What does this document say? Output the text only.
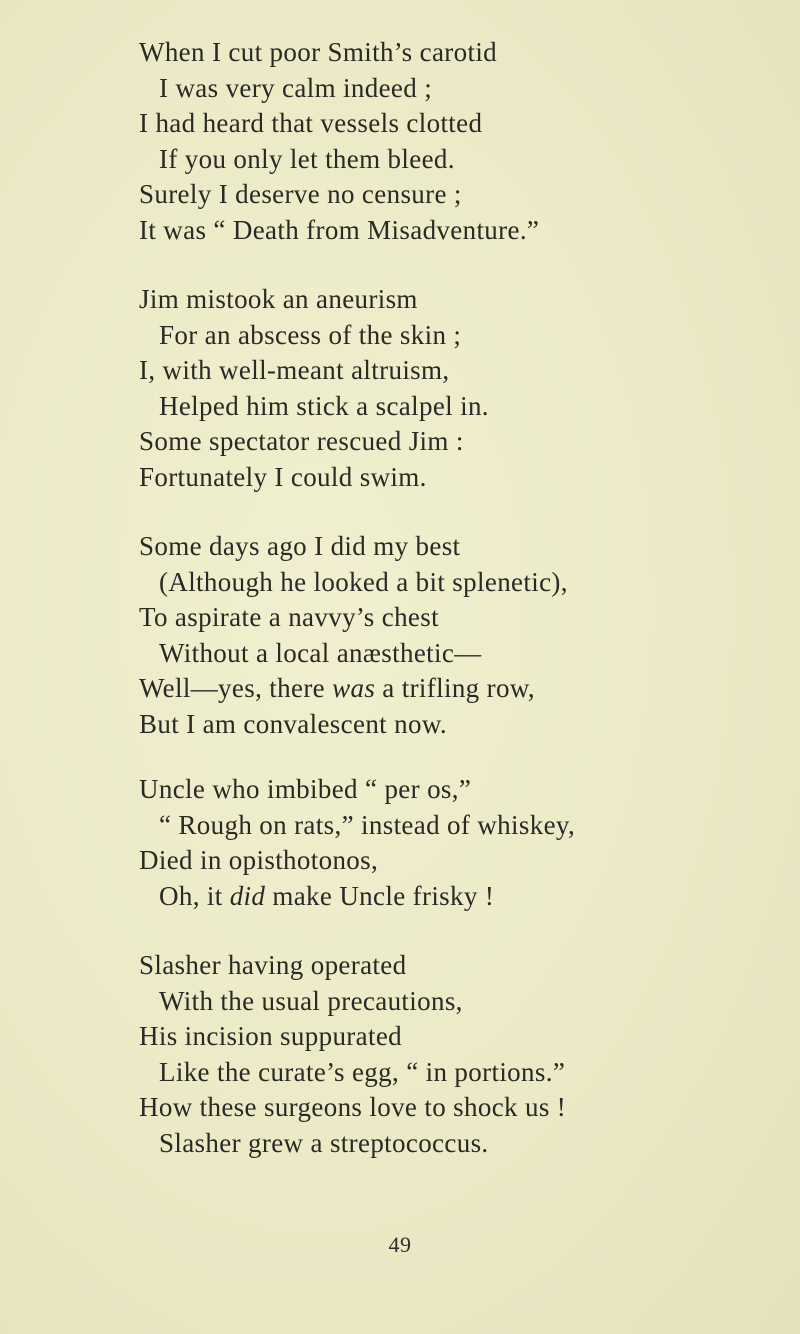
When I cut poor Smith’s carotid
I was very calm indeed ;
I had heard that vessels clotted
If you only let them bleed.
Surely I deserve no censure ;
It was “ Death from Misadventure.”
Jim mistook an aneurism
For an abscess of the skin ;
I, with well-meant altruism,
Helped him stick a scalpel in.
Some spectator rescued Jim :
Fortunately I could swim.
Some days ago I did my best
(Although he looked a bit splenetic),
To aspirate a navvy’s chest
Without a local anæsthetic—
Well—yes, there was a trifling row,
But I am convalescent now.
Uncle who imbibed “ per os,”
“ Rough on rats,” instead of whiskey,
Died in opisthotonos,
Oh, it did make Uncle frisky !
Slasher having operated
With the usual precautions,
His incision suppurated
Like the curate’s egg, “ in portions.”
How these surgeons love to shock us !
Slasher grew a streptococcus.
49
